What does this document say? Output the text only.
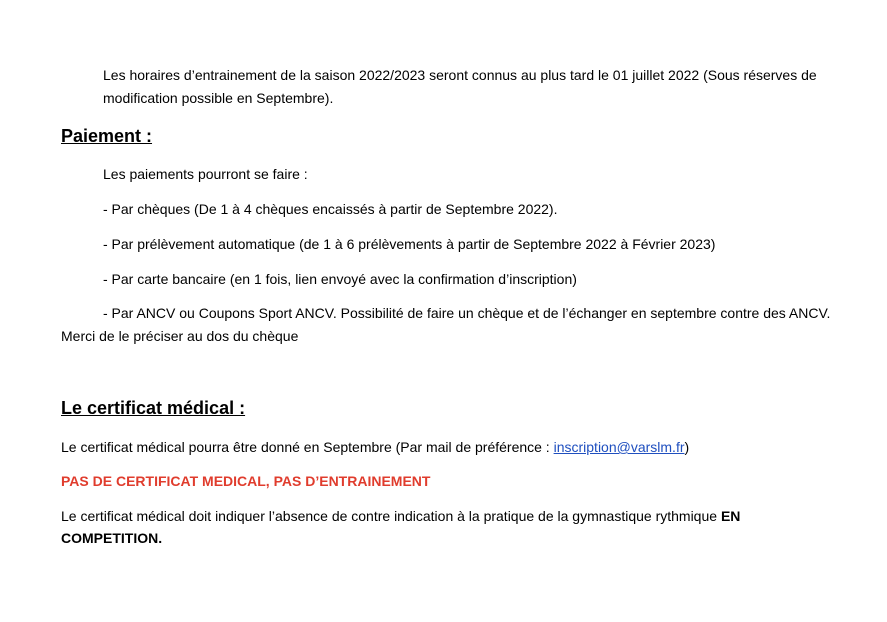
Les horaires d’entrainement de la saison 2022/2023 seront connus au plus tard le 01 juillet 2022 (Sous réserves de
modification possible en Septembre).
Paiement :
Les paiements pourront se faire :
- Par chèques (De 1 à 4 chèques encaissés à partir de Septembre 2022).
- Par prélèvement automatique (de 1 à 6 prélèvements à partir de Septembre 2022 à Février 2023)
- Par carte bancaire (en 1 fois, lien envoyé avec la confirmation d’inscription)
- Par ANCV ou Coupons Sport ANCV. Possibilité de faire un chèque et de l’échanger en septembre contre des ANCV.
Merci de le préciser au dos du chèque
Le certificat médical :
Le certificat médical pourra être donné en Septembre (Par mail de préférence : inscription@varslm.fr)
PAS DE CERTIFICAT MEDICAL, PAS D’ENTRAINEMENT
Le certificat médical doit indiquer l’absence de contre indication à la pratique de la gymnastique rythmique EN
COMPETITION.
